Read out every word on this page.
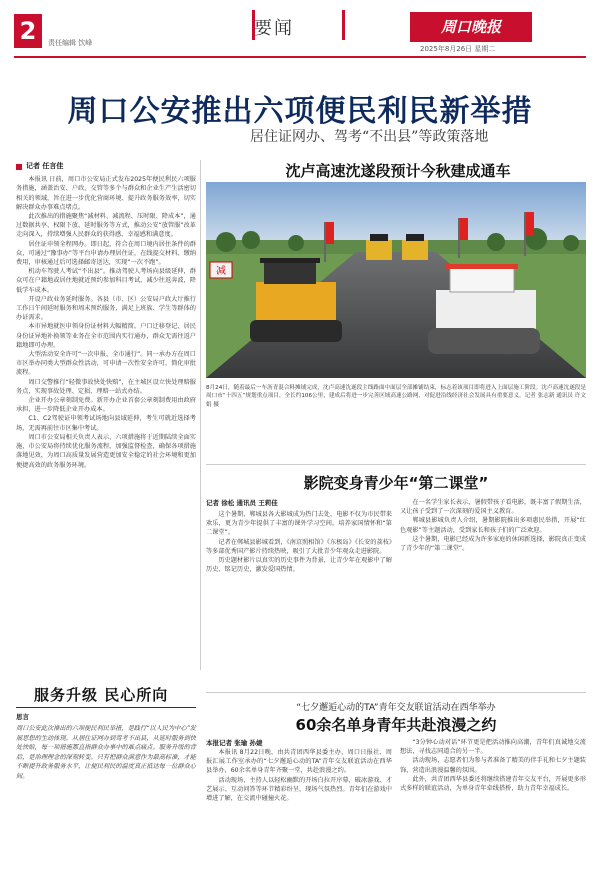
2	责任编辑 饮峰
要闻	周口晚报
2025年8月26日 星期二
周口公安推出六项便民利民新举措
居住证网办、驾考“不出县”等政策落地
记者 任言佳

本报讯 日前，周口市公安局正式发布2025年便民利民六项服务措施，涵盖治安、户政、交管等多个与群众和企业生产生活密切相关的领域，旨在进一步优化营商环境、提升政务服务效率，切实解决群众办事难点堵点。

此次推出的措施聚焦“减材料、减流程、压时限、降成本”，通过数据共享、权限下放、延时服务等方式，推动公安“放管服”改革走向深入，持续增强人民群众的获得感、幸福感和满意度。

居住证申领全程网办。即日起，符合在周口境内居住条件的群众，可通过“豫事办”等平台申请办理居住证，在线提交材料、缴纳费用，审核通过后可选择邮寄送达，实现“一次不跑”。

机动车驾驶人考试“不出县”。推动驾驶人考场向县级延伸，群众可在户籍地或居住地就近预约参加科目考试，减少往返奔波，降低学车成本。

开设户政业务延时服务。各县（市、区）公安局户政大厅推行工作日午间延时服务和周末预约服务，满足上班族、学生等群体的办证需求。

本市异地就医申领身份证材料大幅精简。户口迁移登记、居民身份证异地补换领等业务在全市范围内实行通办，群众无需往返户籍地即可办理。

大型活动安全许可“一次申报、全市通行”。同一承办方在周口市区举办同类大型群众性活动，可申请一次性安全许可，简化审批流程。

周口交警推行“轻微事故快处快赔”，在主城区设立快处理赔服务点，实现事故处理、定损、理赔一站式办结。

企业开办公章刻制免费。新开办企业首套公章刻制费用由政府承担，进一步降低企业开办成本。

C1、C2驾驶证申领考试场地向县域延伸，考生可就近选择考场，无需再前往市区集中考试。

周口市公安局相关负责人表示，六项措施将于近期陆续全面实施，市公安局将持续优化服务流程，加强监督检查，确保各项措施落地见效，为周口高质量发展营造更加安全稳定的社会环境和更加便捷高效的政务服务环境。

服务升级 民心所向
思言
周口公安此次推出的六项便民利民举措，是践行“以人民为中心”发展思想的生动体现。从居住证网办到驾考不出县，从延时服务到快处快赔，每一项措施都直指群众办事中的难点痛点。服务升级的背后，是治理理念的深刻转变。只有把群众满意作为最高标准，才能不断提升政务服务水平，让便民利民的温度真正抵达每一位群众心间。
沈卢高速沈遂段预计今秋建成通车
减
8月24日，随着最后一车沥青混合料摊铺完成，沈卢高速沈遂段主线路面中面层全部摊铺结束，标志着该项目即将进入上面层施工阶段。沈卢高速沈遂段是周口市“十四五”规划重点项目，全长约106公里，建成后将进一步完善区域高速公路网，对促进沿线经济社会发展具有重要意义。记者 张志新 通讯员 许文娟 摄
影院变身青少年“第二课堂”
记者 徐松 通讯员 王莉佳

这个暑期，郸城县各大影城成为热门去处，电影不仅为市民带来欢乐，更为青少年提供了丰富的课外学习空间，培养家国情怀和“第二课堂”。

记者在郸城县影城看到，《南京照相馆》《东极岛》《长安的荔枝》等多部优秀国产影片持续热映，吸引了大批青少年观众走进影院。

历史题材影片以真实的历史事件为背景，让青少年在观影中了解历史、铭记历史，激发爱国热情。

在一名学生家长表示，暑假带孩子看电影，既丰富了假期生活，又让孩子受到了一次深刻的爱国主义教育。

郸城县影城负责人介绍，暑期影院推出多项惠民举措，开展“红色观影”等主题活动，受到家长和孩子们的广泛欢迎。

这个暑期，电影已经成为许多家庭的休闲新选择，影院真正变成了青少年的“第二课堂”。

“七夕邂逅心动的TA”青年交友联谊活动在西华举办
60余名单身青年共赴浪漫之约
本报记者 张瑜 孙婕

本报讯 8月22日晚，由共青团西华县委主办，周口日报社、周报汇展工作室承办的“七夕邂逅心动的TA”青年交友联谊活动在西华县举办，60余名单身青年齐聚一堂，共赴浪漫之约。

活动现场，主持人以轻松幽默的开场白拉开序幕，破冰游戏、才艺展示、互动问答等环节精彩纷呈，现场气氛热烈。青年们在游戏中增进了解，在交流中碰撞火花。

“3分钟心动对话”环节更是把活动推向高潮，青年们真诚地交流想法，寻找志同道合的另一半。

活动现场，志愿者们为参与者准备了精美的伴手礼和七夕主题装饰，营造出浪漫温馨的氛围。

此外，共青团西华县委还将继续搭建青年交友平台，开展更多形式多样的联谊活动，为单身青年牵线搭桥，助力青年幸福成长。
